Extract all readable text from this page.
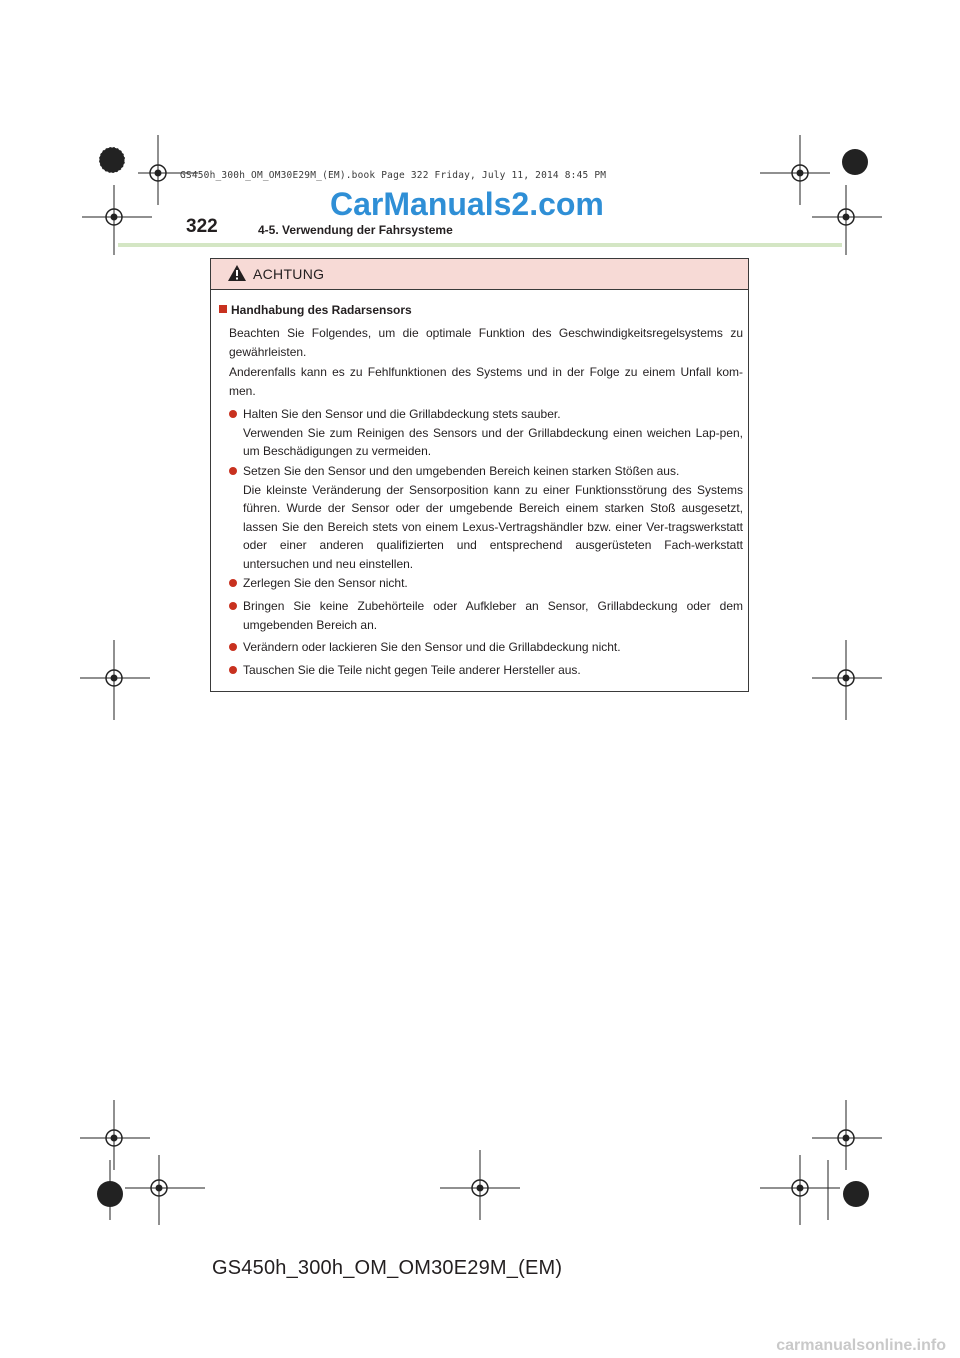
GS450h_300h_OM_OM30E29M_(EM).book Page 322 Friday, July 11, 2014 8:45 PM
CarManuals2.com
322	4-5. Verwendung der Fahrsysteme
ACHTUNG
Handhabung des Radarsensors
Beachten Sie Folgendes, um die optimale Funktion des Geschwindigkeitsregelsystems zu gewährleisten.
Anderenfalls kann es zu Fehlfunktionen des Systems und in der Folge zu einem Unfall kom-men.
Halten Sie den Sensor und die Grillabdeckung stets sauber.
Verwenden Sie zum Reinigen des Sensors und der Grillabdeckung einen weichen Lap-pen, um Beschädigungen zu vermeiden.
Setzen Sie den Sensor und den umgebenden Bereich keinen starken Stößen aus.
Die kleinste Veränderung der Sensorposition kann zu einer Funktionsstörung des Systems führen. Wurde der Sensor oder der umgebende Bereich einem starken Stoß ausgesetzt, lassen Sie den Bereich stets von einem Lexus-Vertragshändler bzw. einer Ver-tragswerkstatt oder einer anderen qualifizierten und entsprechend ausgerüsteten Fach-werkstatt untersuchen und neu einstellen.
Zerlegen Sie den Sensor nicht.
Bringen Sie keine Zubehörteile oder Aufkleber an Sensor, Grillabdeckung oder dem umgebenden Bereich an.
Verändern oder lackieren Sie den Sensor und die Grillabdeckung nicht.
Tauschen Sie die Teile nicht gegen Teile anderer Hersteller aus.
GS450h_300h_OM_OM30E29M_(EM)
carmanualsonline.info
